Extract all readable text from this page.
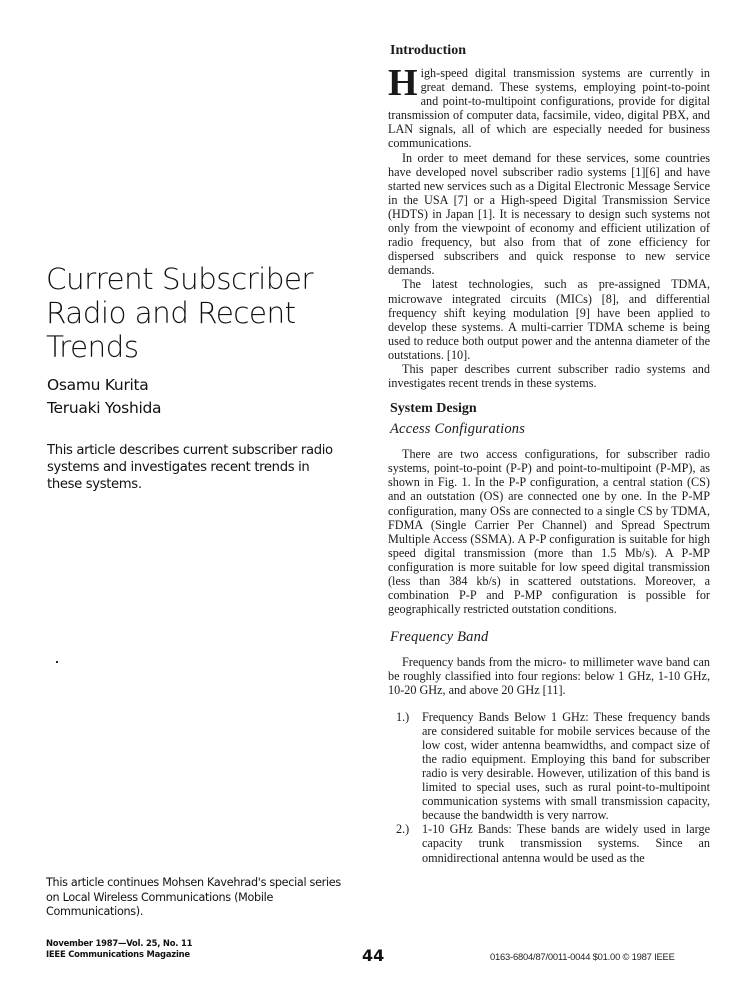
Current Subscriber Radio and Recent Trends
Osamu Kurita
Teruaki Yoshida
This article describes current subscriber radio systems and investigates recent trends in these systems.
This article continues Mohsen Kavehrad's special series on Local Wireless Communications (Mobile Communications).
November 1987—Vol. 25, No. 11
IEEE Communications Magazine	44	0163-6804/87/0011-0044 $01.00 © 1987 IEEE
Introduction

High-speed digital transmission systems are currently in great demand. These systems, employing point-to-point and point-to-multipoint configurations, provide for digital transmission of computer data, facsimile, video, digital PBX, and LAN signals, all of which are especially needed for business communications.

In order to meet demand for these services, some countries have developed novel subscriber radio systems [1][6] and have started new services such as a Digital Electronic Message Service in the USA [7] or a High-speed Digital Transmission Service (HDTS) in Japan [1]. It is necessary to design such systems not only from the viewpoint of economy and efficient utilization of radio frequency, but also from that of zone efficiency for dispersed subscribers and quick response to new service demands.

The latest technologies, such as pre-assigned TDMA, microwave integrated circuits (MICs) [8], and differential frequency shift keying modulation [9] have been applied to develop these systems. A multi-carrier TDMA scheme is being used to reduce both output power and the antenna diameter of the outstations. [10].

This paper describes current subscriber radio systems and investigates recent trends in these systems.

System Design
Access Configurations

There are two access configurations, for subscriber radio systems, point-to-point (P-P) and point-to-multipoint (P-MP), as shown in Fig. 1. In the P-P configuration, a central station (CS) and an outstation (OS) are connected one by one. In the P-MP configuration, many OSs are connected to a single CS by TDMA, FDMA (Single Carrier Per Channel) and Spread Spectrum Multiple Access (SSMA). A P-P configuration is suitable for high speed digital transmission (more than 1.5 Mb/s). A P-MP configuration is more suitable for low speed digital transmission (less than 384 kb/s) in scattered outstations. Moreover, a combination P-P and P-MP configuration is possible for geographically restricted outstation conditions.

Frequency Band

Frequency bands from the micro- to millimeter wave band can be roughly classified into four regions: below 1 GHz, 1-10 GHz, 10-20 GHz, and above 20 GHz [11].

1.) Frequency Bands Below 1 GHz: These frequency bands are considered suitable for mobile services because of the low cost, wider antenna beamwidths, and compact size of the radio equipment. Employing this band for subscriber radio is very desirable. However, utilization of this band is limited to special uses, such as rural point-to-multipoint communication systems with small transmission capacity, because the bandwidth is very narrow.
2.) 1-10 GHz Bands: These bands are widely used in large capacity trunk transmission systems. Since an omnidirectional antenna would be used as the
